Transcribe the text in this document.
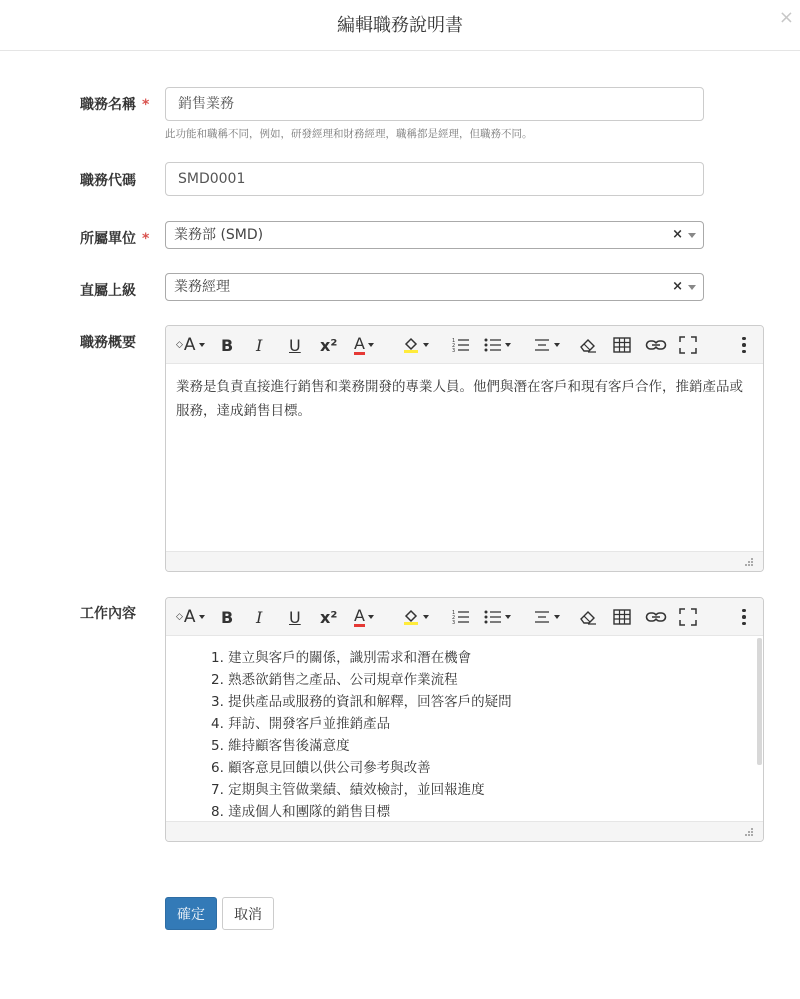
編輯職務說明書	×
職務名稱 *	銷售業務
此功能和職稱不同，例如，研發經理和財務經理，職稱都是經理，但職務不同。
職務代碼	SMD0001
所屬單位 *	業務部 (SMD)	×
直屬上級	業務經理	×
職務概要	◇ A B I U x² A	1
2
3
業務是負責直接進行銷售和業務開發的專業人員。他們與潛在客戶和現有客戶合作，推銷產品或服務，達成銷售目標。
工作內容	◇ A B I U x² A	1
2
3
1. 建立與客戶的關係，識別需求和潛在機會
2. 熟悉欲銷售之產品、公司規章作業流程
3. 提供產品或服務的資訊和解釋，回答客戶的疑問
4. 拜訪、開發客戶並推銷產品
5. 維持顧客售後滿意度
6. 顧客意見回饋以供公司參考與改善
7. 定期與主管做業績、績效檢討，並回報進度
8. 達成個人和團隊的銷售目標
確定	取消
